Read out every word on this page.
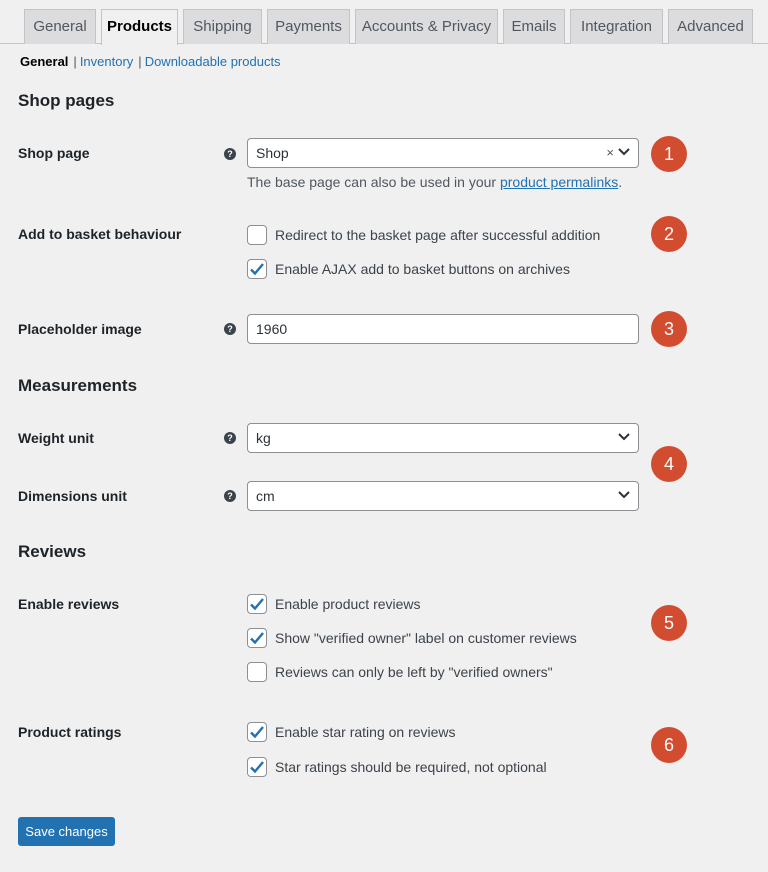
General	Products	Shipping	Payments	Accounts & Privacy	Emails	Integration	Advanced
General | Inventory | Downloadable products
Shop pages
Shop page	?	Shop	×
The base page can also be used in your product permalinks.
1
Add to basket behaviour	Redirect to the basket page after successful addition
Enable AJAX add to basket buttons on archives
2
Placeholder image	?	1960	3
Measurements
Weight unit	?	kg
Dimensions unit	?	cm
4
Reviews
Enable reviews	Enable product reviews
Show "verified owner" label on customer reviews
Reviews can only be left by "verified owners"
5
Product ratings	Enable star rating on reviews
Star ratings should be required, not optional
6
Save changes
